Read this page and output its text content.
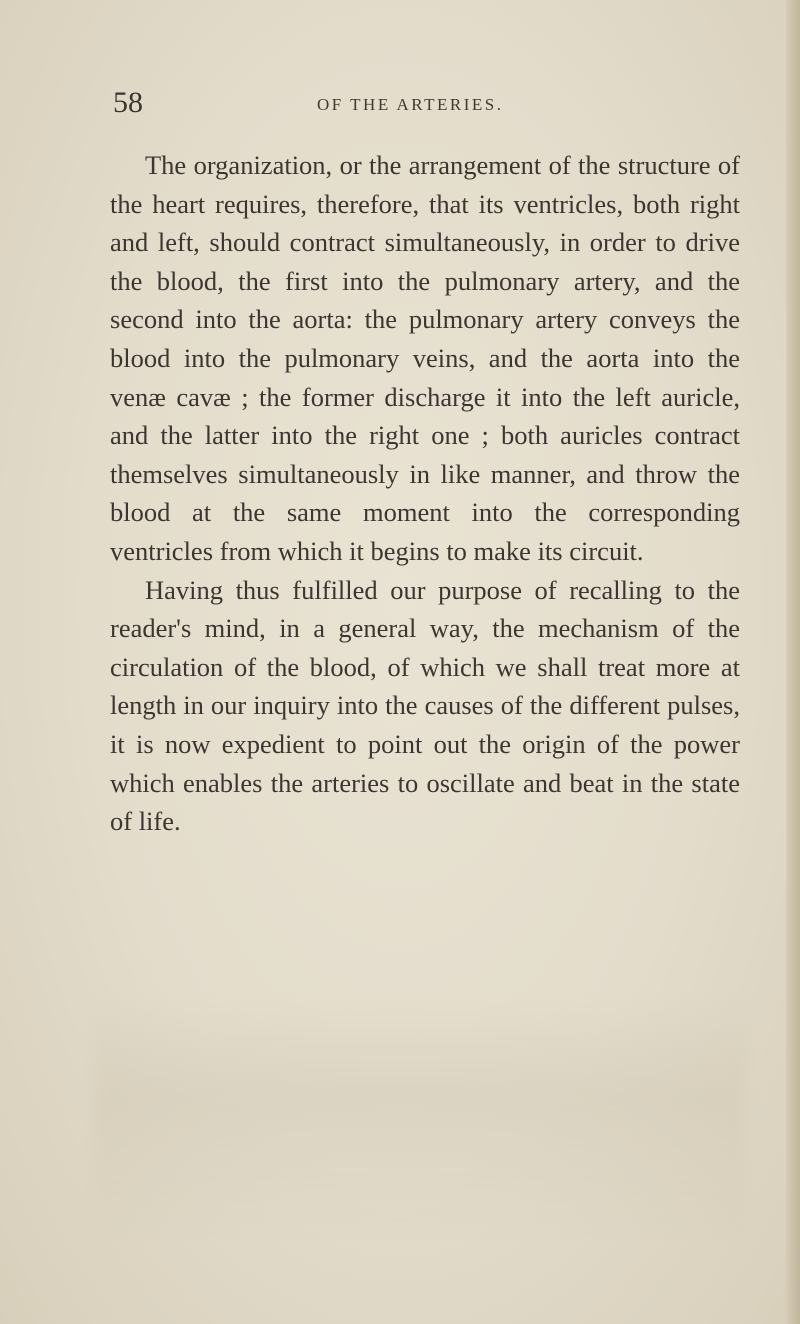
58	OF THE ARTERIES.

The organization, or the arrangement of the structure of the heart requires, therefore, that its ventricles, both right and left, should contract simultaneously, in order to drive the blood, the first into the pulmonary artery, and the second into the aorta: the pulmonary artery conveys the blood into the pulmonary veins, and the aorta into the venæ cavæ ; the former discharge it into the left auricle, and the latter into the right one ; both auricles contract themselves simultaneously in like manner, and throw the blood at the same moment into the corresponding ventricles from which it begins to make its circuit.

Having thus fulfilled our purpose of recalling to the reader's mind, in a general way, the mechanism of the circulation of the blood, of which we shall treat more at length in our inquiry into the causes of the different pulses, it is now expedient to point out the origin of the power which enables the arteries to oscillate and beat in the state of life.
